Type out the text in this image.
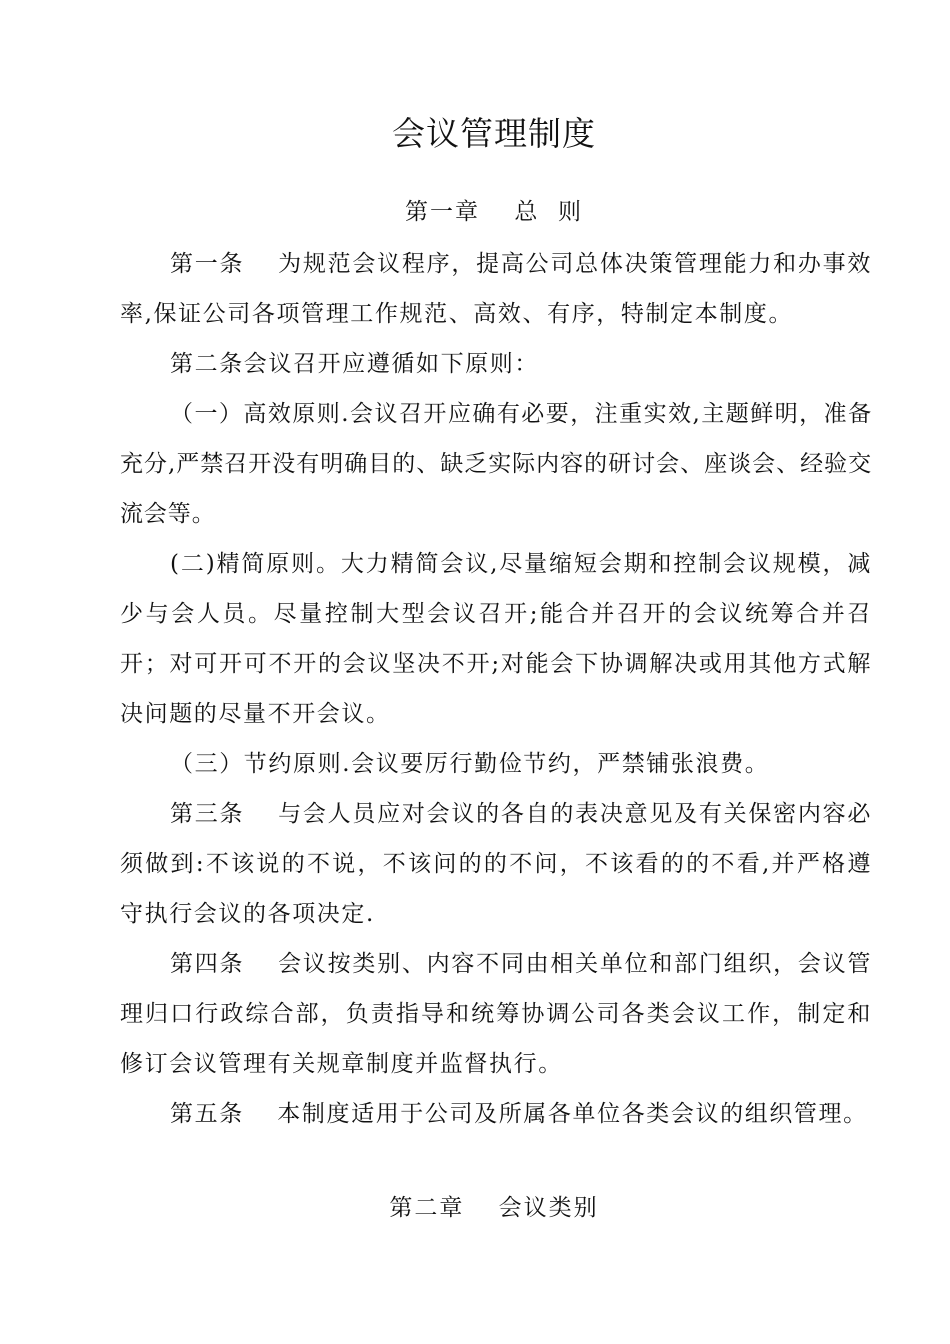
会议管理制度
第一章　 总  则

第一条　 为规范会议程序，提高公司总体决策管理能力和办事效率,保证公司各项管理工作规范、高效、有序，特制定本制度。

第二条会议召开应遵循如下原则：

（一）高效原则.会议召开应确有必要，注重实效,主题鲜明，准备充分,严禁召开没有明确目的、缺乏实际内容的研讨会、座谈会、经验交流会等。

(二)精简原则。大力精简会议,尽量缩短会期和控制会议规模，减少与会人员。尽量控制大型会议召开;能合并召开的会议统筹合并召开；对可开可不开的会议坚决不开;对能会下协调解决或用其他方式解决问题的尽量不开会议。

（三）节约原则.会议要厉行勤俭节约，严禁铺张浪费。

第三条　 与会人员应对会议的各自的表决意见及有关保密内容必须做到:不该说的不说，不该问的的不问，不该看的的不看,并严格遵守执行会议的各项决定.

第四条　 会议按类别、内容不同由相关单位和部门组织，会议管理归口行政综合部，负责指导和统筹协调公司各类会议工作，制定和修订会议管理有关规章制度并监督执行。

第五条　 本制度适用于公司及所属各单位各类会议的组织管理。

第二章　 会议类别
